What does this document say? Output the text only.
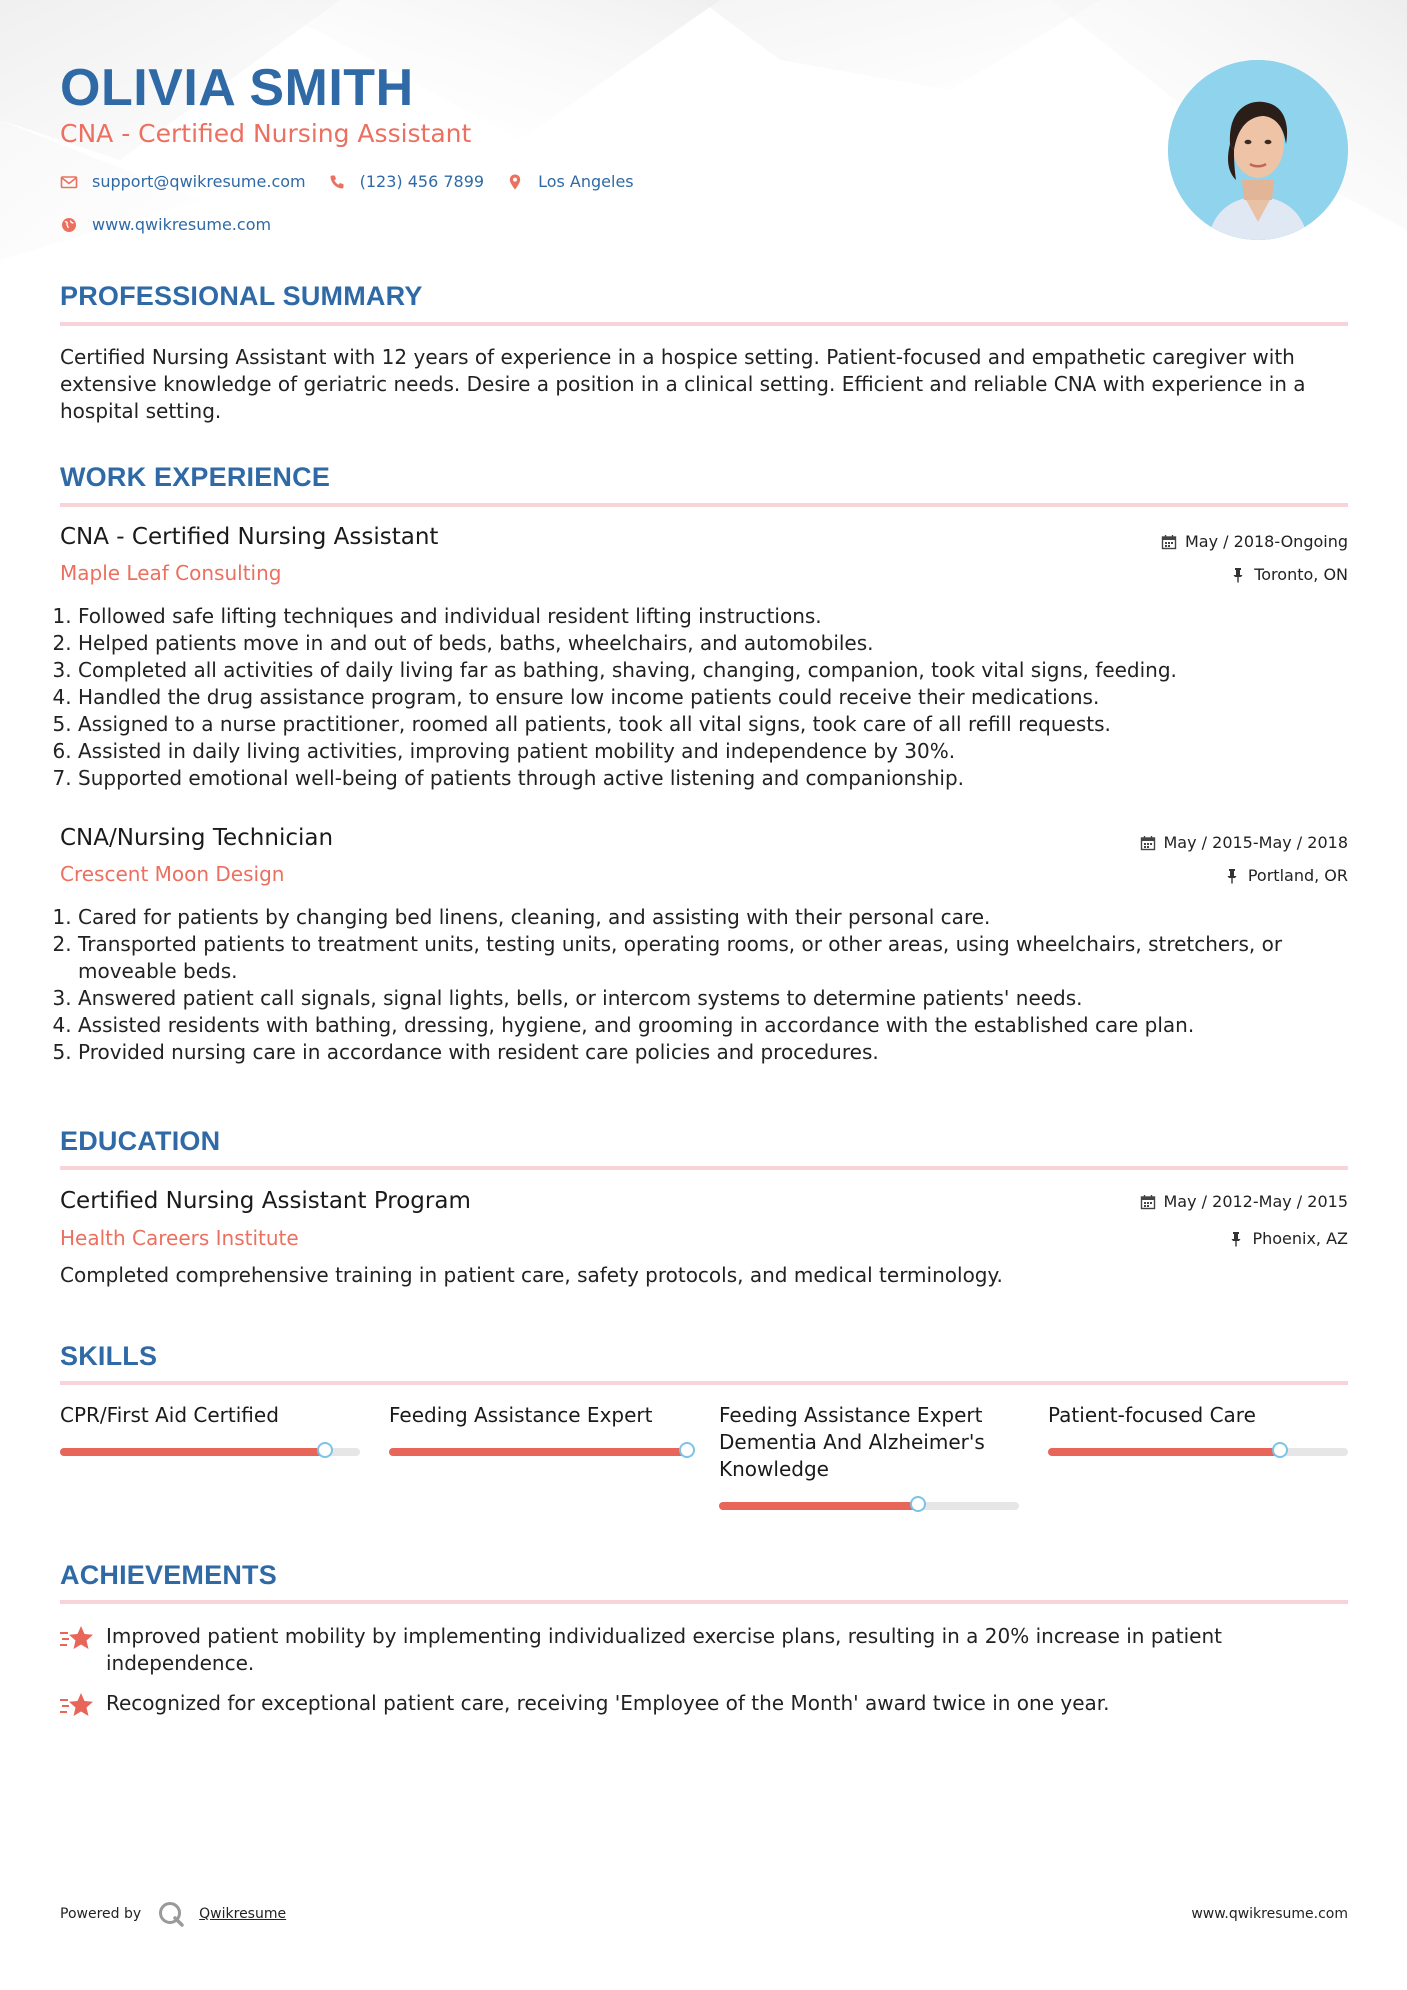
OLIVIA SMITH
CNA - Certified Nursing Assistant
support@qwikresume.com	(123) 456 7899	Los Angeles
www.qwikresume.com
PROFESSIONAL SUMMARY

Certified Nursing Assistant with 12 years of experience in a hospice setting. Patient-focused and empathetic caregiver with extensive knowledge of geriatric needs. Desire a position in a clinical setting. Efficient and reliable CNA with experience in a hospital setting.

WORK EXPERIENCE
CNA - Certified Nursing Assistant	May / 2018-Ongoing
Maple Leaf Consulting	Toronto, ON
1. Followed safe lifting techniques and individual resident lifting instructions.
2. Helped patients move in and out of beds, baths, wheelchairs, and automobiles.
3. Completed all activities of daily living far as bathing, shaving, changing, companion, took vital signs, feeding.
4. Handled the drug assistance program, to ensure low income patients could receive their medications.
5. Assigned to a nurse practitioner, roomed all patients, took all vital signs, took care of all refill requests.
6. Assisted in daily living activities, improving patient mobility and independence by 30%.
7. Supported emotional well-being of patients through active listening and companionship.
CNA/Nursing Technician	May / 2015-May / 2018
Crescent Moon Design	Portland, OR
1. Cared for patients by changing bed linens, cleaning, and assisting with their personal care.
2. Transported patients to treatment units, testing units, operating rooms, or other areas, using wheelchairs, stretchers, or moveable beds.
3. Answered patient call signals, signal lights, bells, or intercom systems to determine patients' needs.
4. Assisted residents with bathing, dressing, hygiene, and grooming in accordance with the established care plan.
5. Provided nursing care in accordance with resident care policies and procedures.
EDUCATION
Certified Nursing Assistant Program	May / 2012-May / 2015
Health Careers Institute	Phoenix, AZ

Completed comprehensive training in patient care, safety protocols, and medical terminology.

SKILLS
CPR/First Aid Certified	Feeding Assistance Expert	Feeding Assistance Expert Dementia And Alzheimer's Knowledge
Patient-focused Care
ACHIEVEMENTS
Improved patient mobility by implementing individualized exercise plans, resulting in a 20% increase in patient independence.
Recognized for exceptional patient care, receiving 'Employee of the Month' award twice in one year.
Powered by	Qwikresume	www.qwikresume.com
